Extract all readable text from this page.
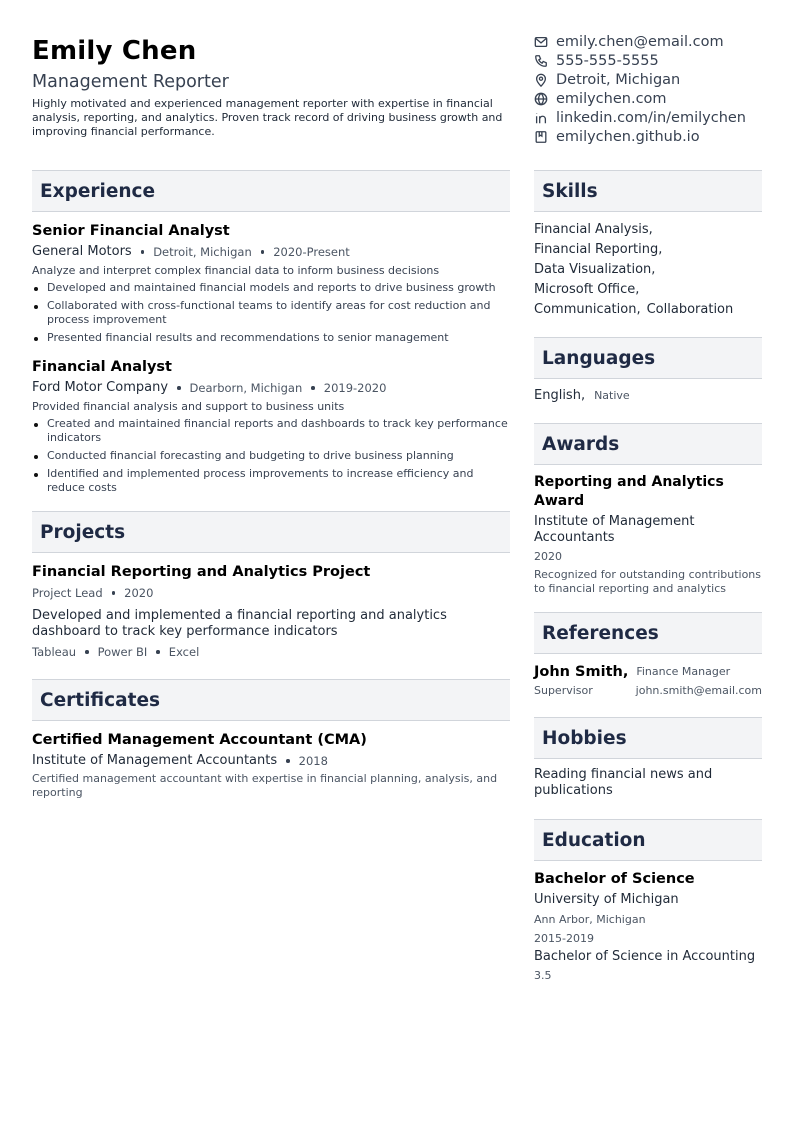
Emily Chen
Management Reporter
Highly motivated and experienced management reporter with expertise in financial analysis, reporting, and analytics. Proven track record of driving business growth and improving financial performance.
emily.chen@email.com
555-555-5555
Detroit, Michigan
emilychen.com
linkedin.com/in/emilychen
emilychen.github.io
Experience
Senior Financial Analyst
General Motors Detroit, Michigan 2020-Present
Analyze and interpret complex financial data to inform business decisions
Developed and maintained financial models and reports to drive business growth
Collaborated with cross-functional teams to identify areas for cost reduction and process improvement
Presented financial results and recommendations to senior management
Financial Analyst
Ford Motor Company Dearborn, Michigan 2019-2020
Provided financial analysis and support to business units
Created and maintained financial reports and dashboards to track key performance indicators
Conducted financial forecasting and budgeting to drive business planning
Identified and implemented process improvements to increase efficiency and reduce costs
Projects
Financial Reporting and Analytics Project
Project Lead 2020
Developed and implemented a financial reporting and analytics dashboard to track key performance indicators
Tableau Power BI Excel
Certificates
Certified Management Accountant (CMA)
Institute of Management Accountants 2018
Certified management accountant with expertise in financial planning, analysis, and reporting
Skills
Financial Analysis,
Financial Reporting,
Data Visualization,
Microsoft Office,
Communication, Collaboration
Languages
English, Native
Awards
Reporting and Analytics Award
Institute of Management Accountants
2020
Recognized for outstanding contributions to financial reporting and analytics
References
John Smith, Finance Manager
Supervisor	john.smith@email.com
Hobbies
Reading financial news and publications
Education
Bachelor of Science
University of Michigan
Ann Arbor, Michigan
2015-2019
Bachelor of Science in Accounting
3.5
